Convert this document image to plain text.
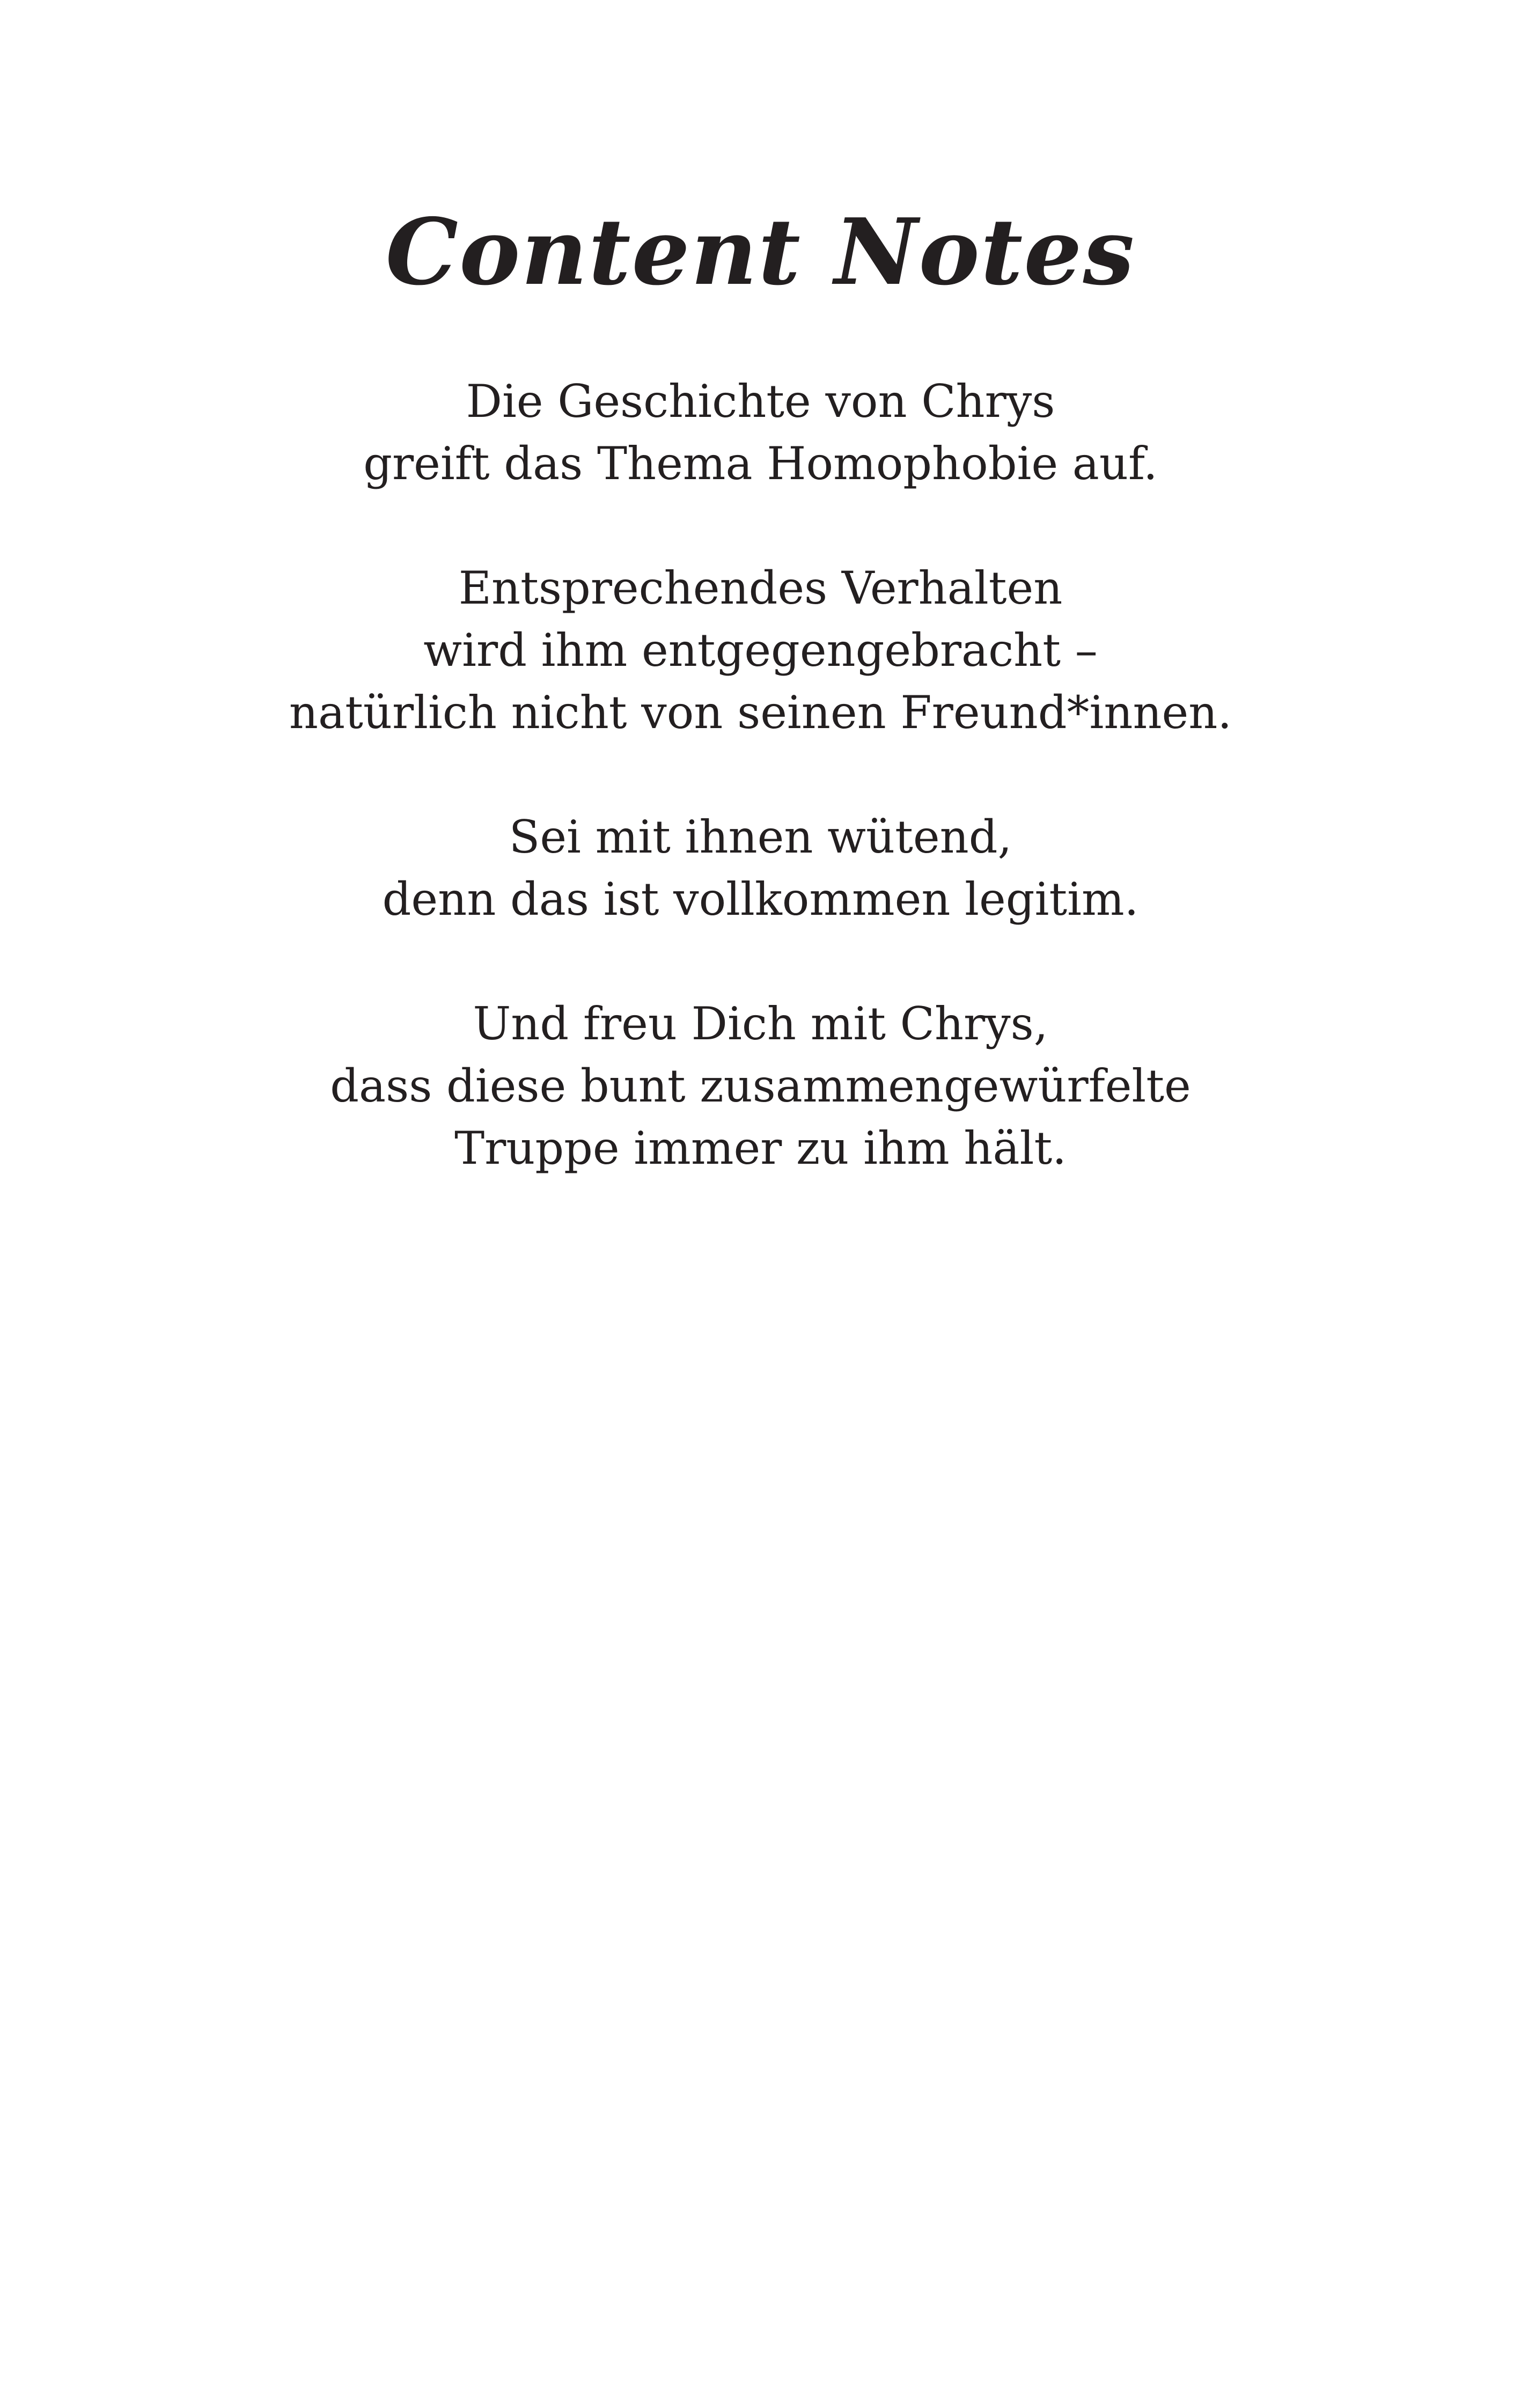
Content Notes

Die Geschichte von Chrys
greift das Thema Homophobie auf.

Entsprechendes Verhalten
wird ihm entgegengebracht –
natürlich nicht von seinen Freund*innen.

Sei mit ihnen wütend,
denn das ist vollkommen legitim.

Und freu Dich mit Chrys,
dass diese bunt zusammengewürfelte
Truppe immer zu ihm hält.
